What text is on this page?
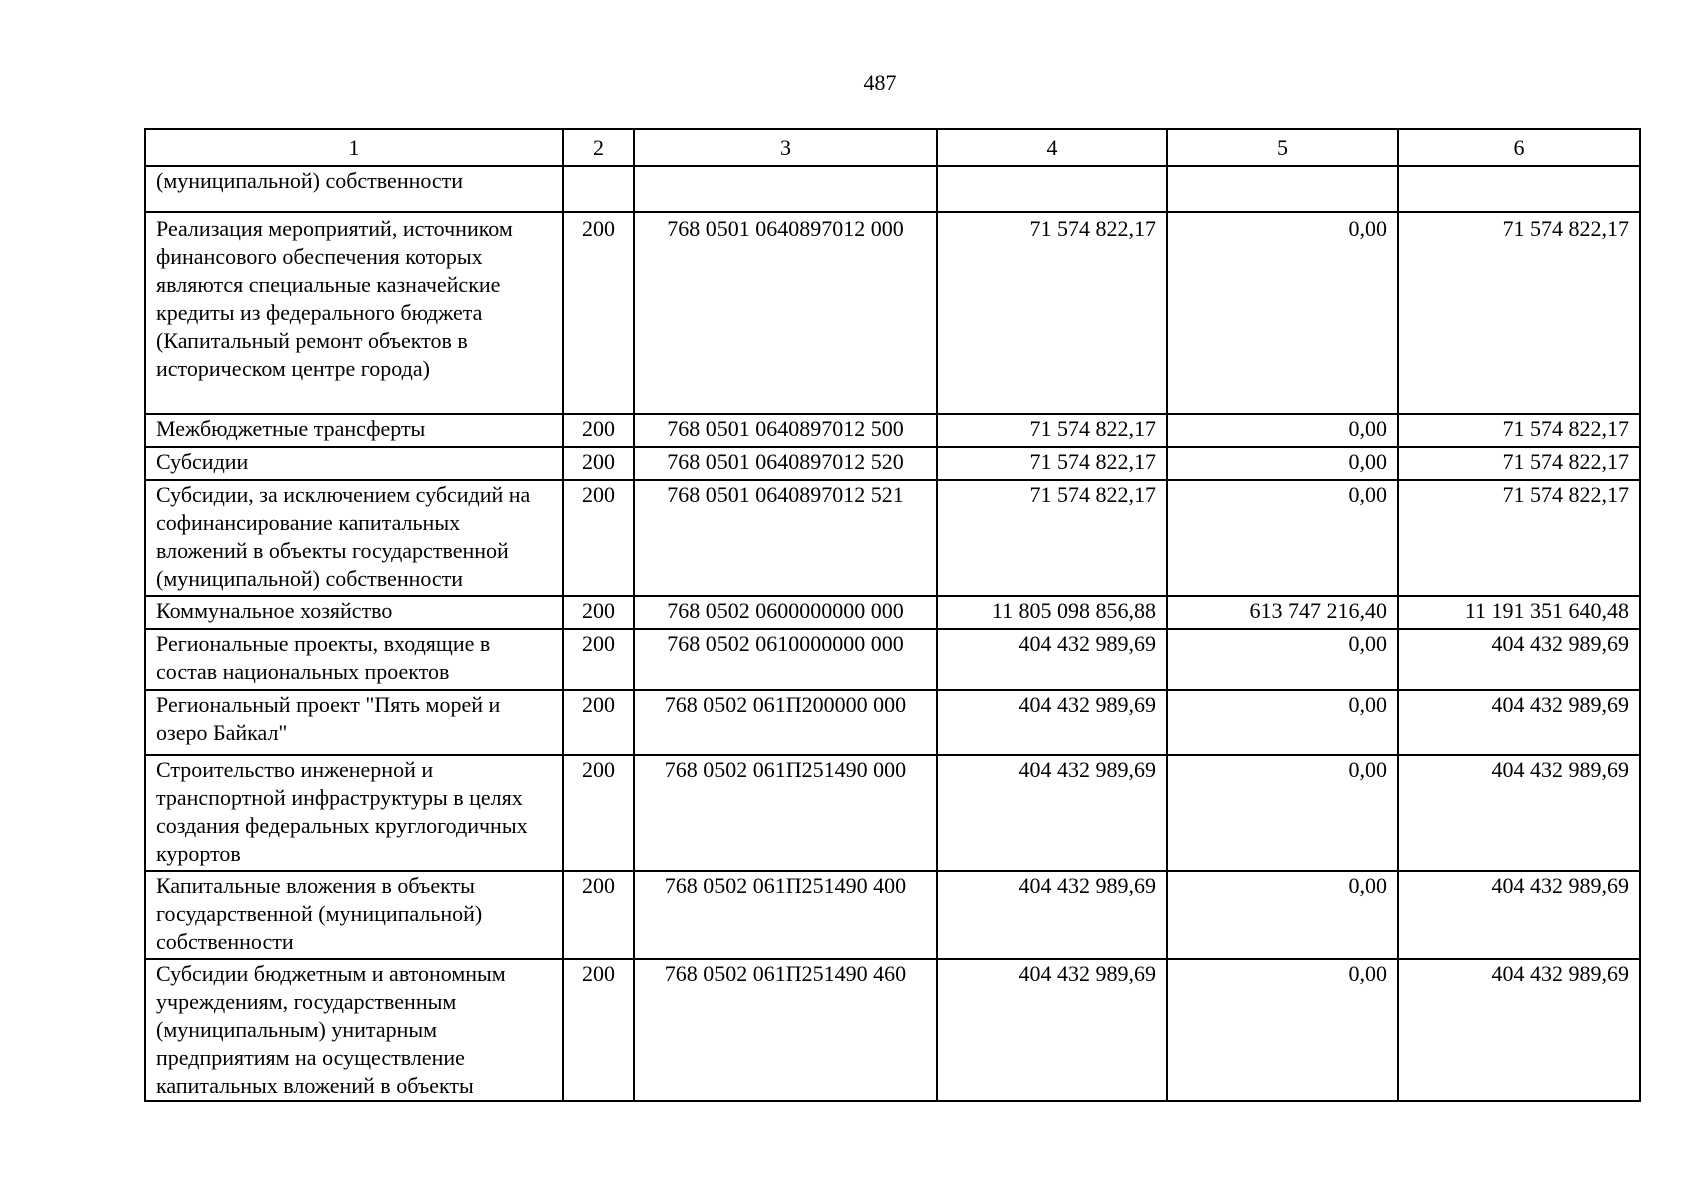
487
1	2	3	4	5	6
(муниципальной) собственности					
Реализация мероприятий, источником финансового обеспечения которых являются специальные казначейские кредиты из федерального бюджета (Капитальный ремонт объектов в историческом центре города)	200	768 0501 0640897012 000	71 574 822,17	0,00	71 574 822,17
Межбюджетные трансферты	200	768 0501 0640897012 500	71 574 822,17	0,00	71 574 822,17
Субсидии	200	768 0501 0640897012 520	71 574 822,17	0,00	71 574 822,17
Субсидии, за исключением субсидий на софинансирование капитальных вложений в объекты государственной (муниципальной) собственности	200	768 0501 0640897012 521	71 574 822,17	0,00	71 574 822,17
Коммунальное хозяйство	200	768 0502 0600000000 000	11 805 098 856,88	613 747 216,40	11 191 351 640,48
Региональные проекты, входящие в состав национальных проектов	200	768 0502 0610000000 000	404 432 989,69	0,00	404 432 989,69
Региональный проект "Пять морей и озеро Байкал"	200	768 0502 061П200000 000	404 432 989,69	0,00	404 432 989,69
Строительство инженерной и транспортной инфраструктуры в целях создания федеральных круглогодичных курортов	200	768 0502 061П251490 000	404 432 989,69	0,00	404 432 989,69
Капитальные вложения в объекты государственной (муниципальной) собственности	200	768 0502 061П251490 400	404 432 989,69	0,00	404 432 989,69
Субсидии бюджетным и автономным учреждениям, государственным (муниципальным) унитарным предприятиям на осуществление капитальных вложений в объекты	200	768 0502 061П251490 460	404 432 989,69	0,00	404 432 989,69
